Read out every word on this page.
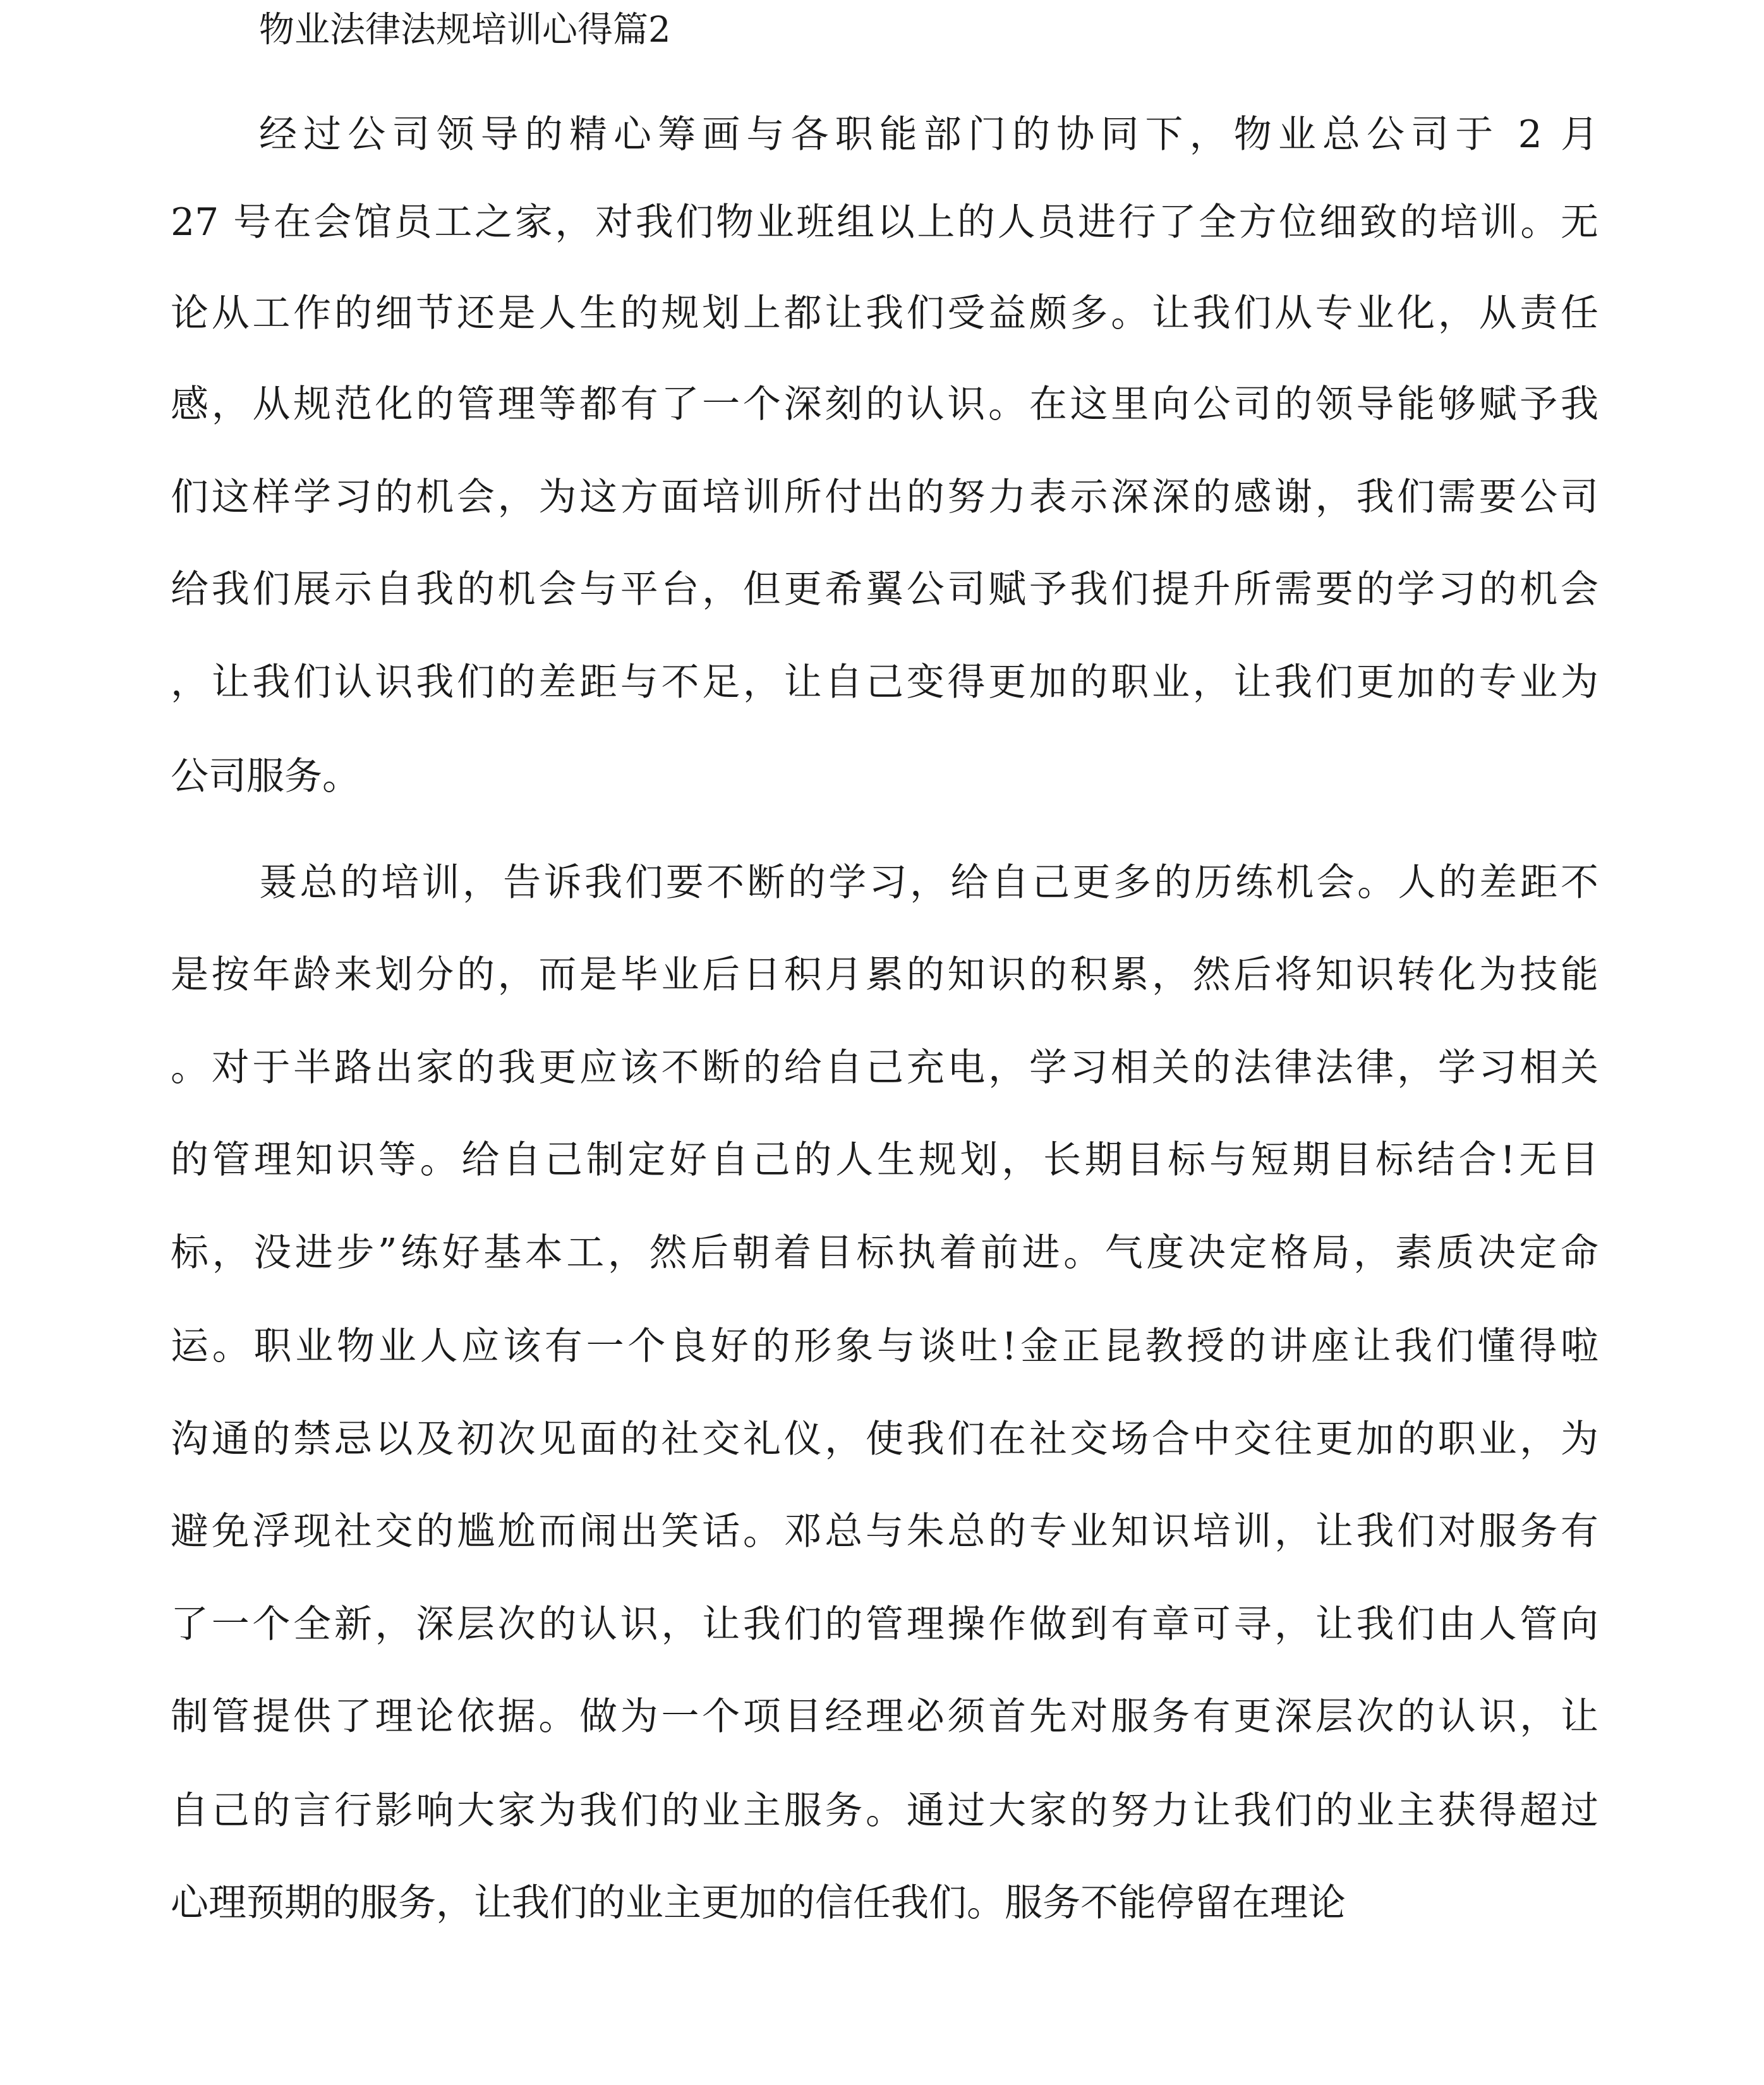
物业法律法规培训心得篇2
经过公司领导的精心筹画与各职能部门的协同下，物业总公司于 2 月
27 号在会馆员工之家，对我们物业班组以上的人员进行了全方位细致的培训。无
论从工作的细节还是人生的规划上都让我们受益颇多。让我们从专业化，从责任
感，从规范化的管理等都有了一个深刻的认识。在这里向公司的领导能够赋予我
们这样学习的机会，为这方面培训所付出的努力表示深深的感谢，我们需要公司
给我们展示自我的机会与平台，但更希翼公司赋予我们提升所需要的学习的机会
，让我们认识我们的差距与不足，让自己变得更加的职业，让我们更加的专业为
公司服务。
聂总的培训，告诉我们要不断的学习，给自己更多的历练机会。人的差距不
是按年龄来划分的，而是毕业后日积月累的知识的积累，然后将知识转化为技能
。对于半路出家的我更应该不断的给自己充电，学习相关的法律法律，学习相关
的管理知识等。给自己制定好自己的人生规划，长期目标与短期目标结合!无目
标，没进步”练好基本工，然后朝着目标执着前进。气度决定格局，素质决定命
运。职业物业人应该有一个良好的形象与谈吐!金正昆教授的讲座让我们懂得啦
沟通的禁忌以及初次见面的社交礼仪，使我们在社交场合中交往更加的职业，为
避免浮现社交的尴尬而闹出笑话。邓总与朱总的专业知识培训，让我们对服务有
了一个全新，深层次的认识，让我们的管理操作做到有章可寻，让我们由人管向
制管提供了理论依据。做为一个项目经理必须首先对服务有更深层次的认识，让
自己的言行影响大家为我们的业主服务。通过大家的努力让我们的业主获得超过
心理预期的服务，让我们的业主更加的信任我们。服务不能停留在理论
